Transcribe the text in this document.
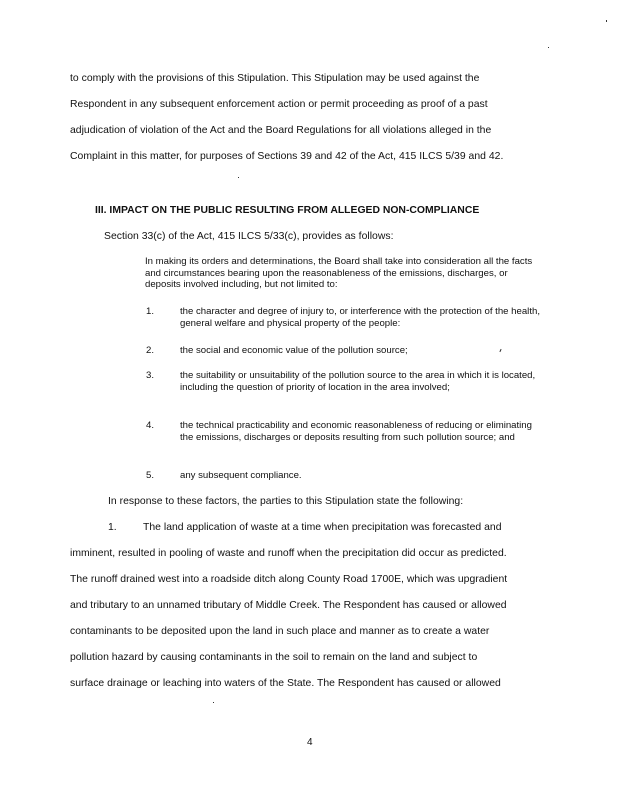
to comply with the provisions of this Stipulation. This Stipulation may be used against the
Respondent in any subsequent enforcement action or permit proceeding as proof of a past
adjudication of violation of the Act and the Board Regulations for all violations alleged in the
Complaint in this matter, for purposes of Sections 39 and 42 of the Act, 415 ILCS 5/39 and 42.
III. IMPACT ON THE PUBLIC RESULTING FROM ALLEGED NON-COMPLIANCE
Section 33(c) of the Act, 415 ILCS 5/33(c), provides as follows:
In making its orders and determinations, the Board shall take into consideration all the facts and circumstances bearing upon the reasonableness of the emissions, discharges, or deposits involved including, but not limited to:
1.	the character and degree of injury to, or interference with the protection of the health, general welfare and physical property of the people:
2.	the social and economic value of the pollution source;
3.	the suitability or unsuitability of the pollution source to the area in which it is located, including the question of priority of location in the area involved;
4.	the technical practicability and economic reasonableness of reducing or eliminating the emissions, discharges or deposits resulting from such pollution source; and
5.	any subsequent compliance.
In response to these factors, the parties to this Stipulation state the following:
1.	The land application of waste at a time when precipitation was forecasted and
imminent, resulted in pooling of waste and runoff when the precipitation did occur as predicted.
The runoff drained west into a roadside ditch along County Road 1700E, which was upgradient
and tributary to an unnamed tributary of Middle Creek. The Respondent has caused or allowed
contaminants to be deposited upon the land in such place and manner as to create a water
pollution hazard by causing contaminants in the soil to remain on the land and subject to
surface drainage or leaching into waters of the State. The Respondent has caused or allowed
4
